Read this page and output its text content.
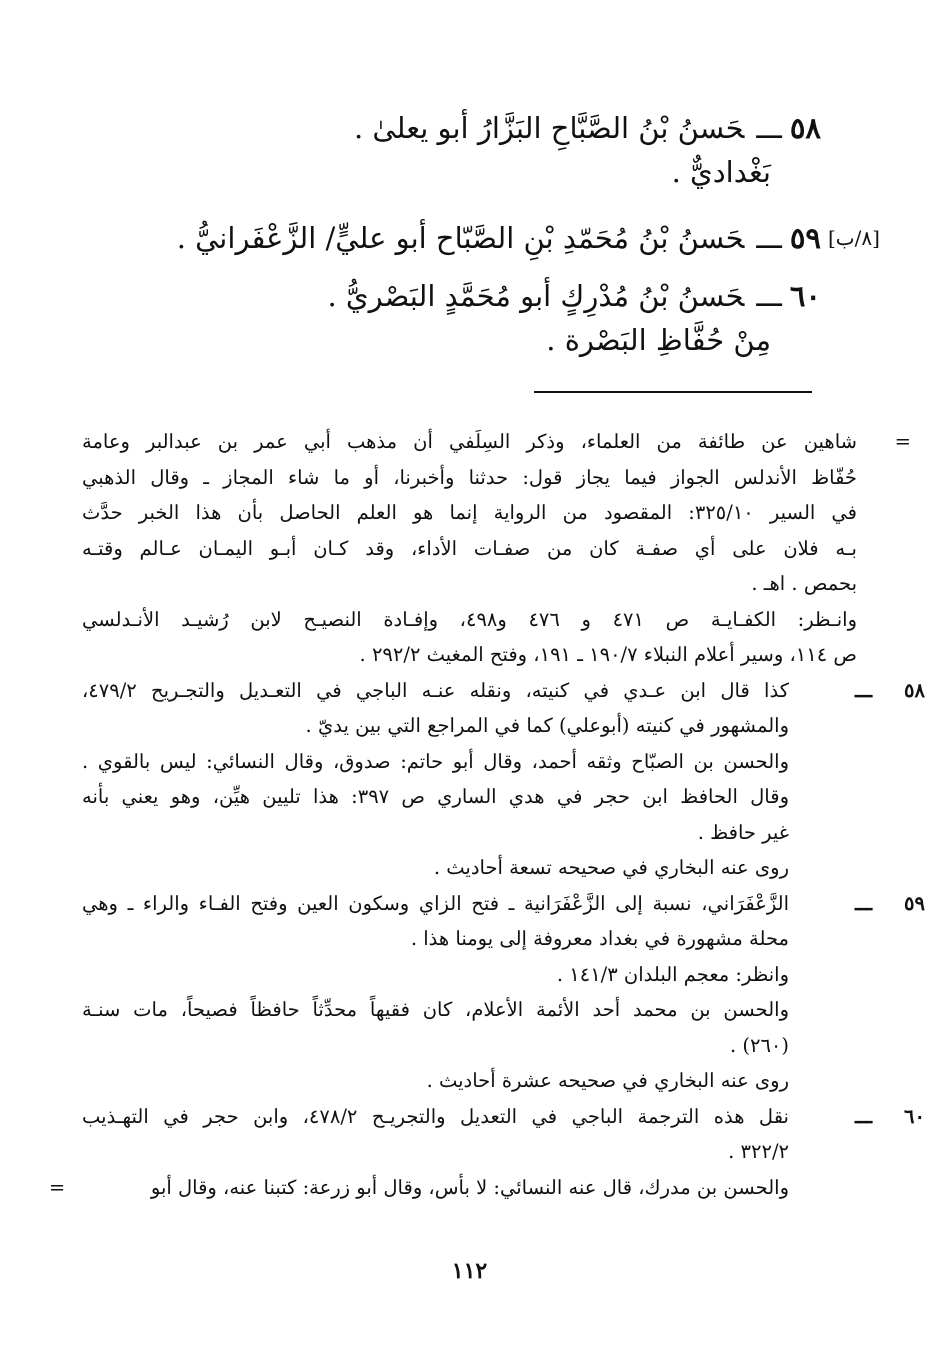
٥٨ـــحَسنُ بْنُ الصَّبَّاحِ البَزَّارُ أبو يعلىٰ .
بَغْداديٌّ .
[٨/ب]
٥٩ـــحَسنُ بْنُ مُحَمّدِ بْنِ الصَّبّاح أبو عليٍّ/ الزَّعْفَرانيُّ .
٦٠ـــحَسنُ بْنُ مُدْرِكٍ أبو مُحَمَّدٍ البَصْريُّ .
مِنْ حُفَّاظِ البَصْرة .
=
شاهين عن طائفة من العلماء، وذكر السِلَفي أن مذهب أبي عمر بن عبدالبر وعامة
حُفّاظ الأندلس الجواز فيما يجاز قول: حدثنا وأخبرنا، أو ما شاء المجاز ـ وقال الذهبي
في السير ٣٢٥/١٠: المقصود من الرواية إنما هو العلم الحاصل بأن هذا الخبر حدَّث
بـه فلان على أي صفـة كان من صفـات الأداء، وقد كـان أبـو اليمـان عـالم وقتـه
بحمص . اهـ .
وانـظر: الكفـايـة ص ٤٧١ و ٤٧٦ و٤٩٨، وإفـادة النصيـح لابن رُشيـد الأنـدلسي
ص ١١٤، وسير أعلام النبلاء ١٩٠/٧ ـ ١٩١، وفتح المغيث ٢٩٢/٢ .
٥٨ ـــ
كذا قال ابن عـدي في كنيته، ونقله عنـه الباجي في التعـديل والتجـريح ٤٧٩/٢،
والمشهور في كنيته (أبوعلي) كما في المراجع التي بين يديّ .
والحسن بن الصبّاح وثقه أحمد، وقال أبو حاتم: صدوق، وقال النسائي: ليس بالقوي .
وقال الحافظ ابن حجر في هدي الساري ص ٣٩٧: هذا تليين هيِّن، وهو يعني بأنه
غير حافظ .
روى عنه البخاري في صحيحه تسعة أحاديث .
٥٩ ـــ
الزَّعْفَرَاني، نسبة إلى الزَّعْفَرَانية ـ فتح الزاي وسكون العين وفتح الفـاء والراء ـ وهي
محلة مشهورة في بغداد معروفة إلى يومنا هذا .
وانظر: معجم البلدان ١٤١/٣ .
والحسن بن محمد أحد الأئمة الأعلام، كان فقيهاً محدِّثاً حافظاً فصيحاً، مات سنـة
(٢٦٠) .
روى عنه البخاري في صحيحه عشرة أحاديث .
٦٠ ـــ
نقل هذه الترجمة الباجي في التعديل والتجريـح ٤٧٨/٢، وابن حجر في التهـذيب
٣٢٢/٢ .
والحسن بن مدرك، قال عنه النسائي: لا بأس، وقال أبو زرعة: كتبنا عنه، وقال أبو
=
١١٢
